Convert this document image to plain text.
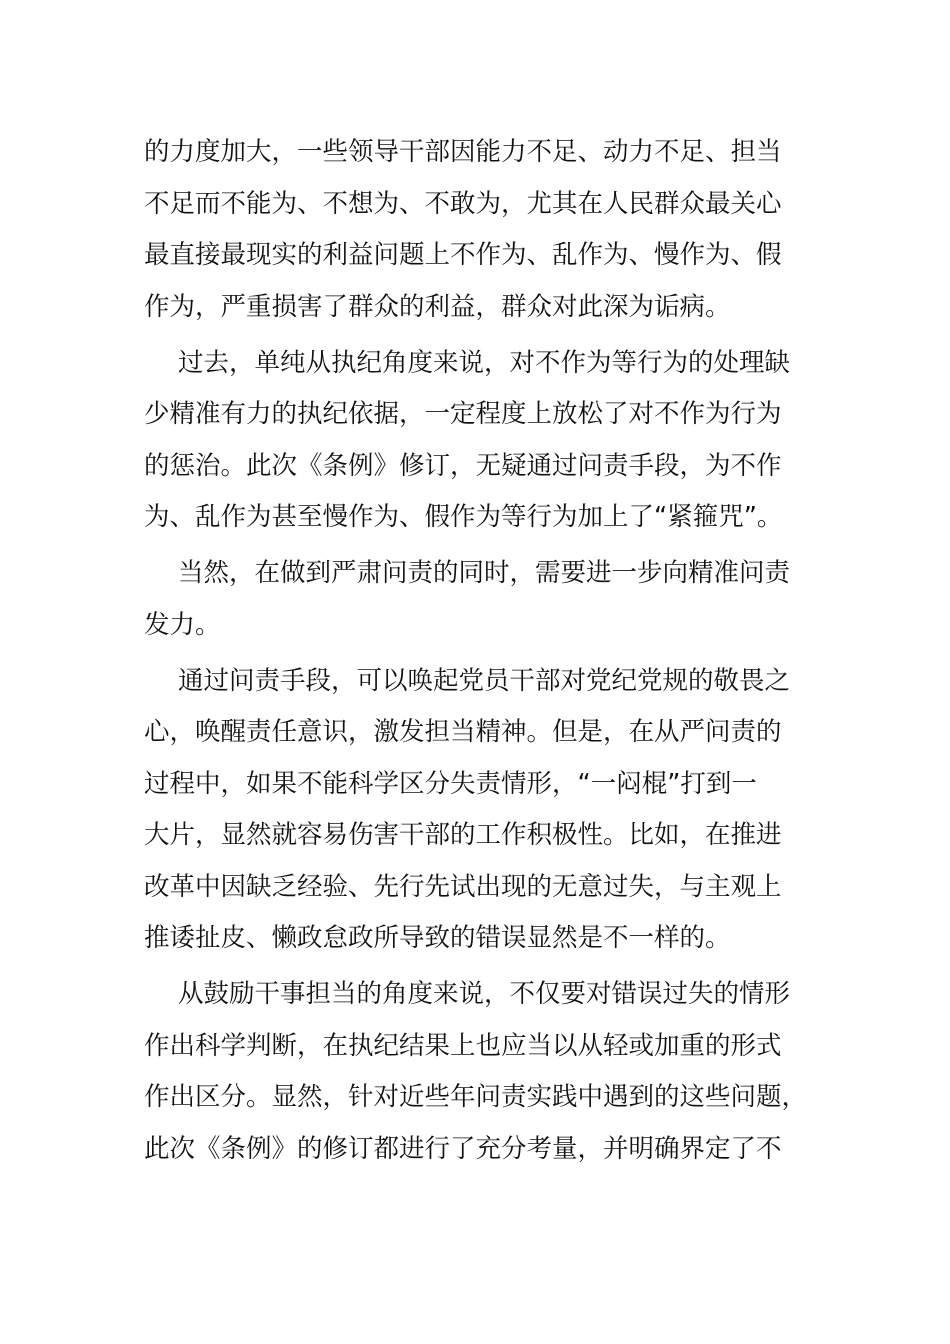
的力度加大，一些领导干部因能力不足、动力不足、担当
不足而不能为、不想为、不敢为，尤其在人民群众最关心
最直接最现实的利益问题上不作为、乱作为、慢作为、假
作为，严重损害了群众的利益，群众对此深为诟病。
过去，单纯从执纪角度来说，对不作为等行为的处理缺
少精准有力的执纪依据，一定程度上放松了对不作为行为
的惩治。此次《条例》修订，无疑通过问责手段，为不作
为、乱作为甚至慢作为、假作为等行为加上了“紧箍咒”。
当然，在做到严肃问责的同时，需要进一步向精准问责
发力。
通过问责手段，可以唤起党员干部对党纪党规的敬畏之
心，唤醒责任意识，激发担当精神。但是，在从严问责的
过程中，如果不能科学区分失责情形，“一闷棍”打到一
大片，显然就容易伤害干部的工作积极性。比如，在推进
改革中因缺乏经验、先行先试出现的无意过失，与主观上
推诿扯皮、懒政怠政所导致的错误显然是不一样的。
从鼓励干事担当的角度来说，不仅要对错误过失的情形
作出科学判断，在执纪结果上也应当以从轻或加重的形式
作出区分。显然，针对近些年问责实践中遇到的这些问题，
此次《条例》的修订都进行了充分考量，并明确界定了不
